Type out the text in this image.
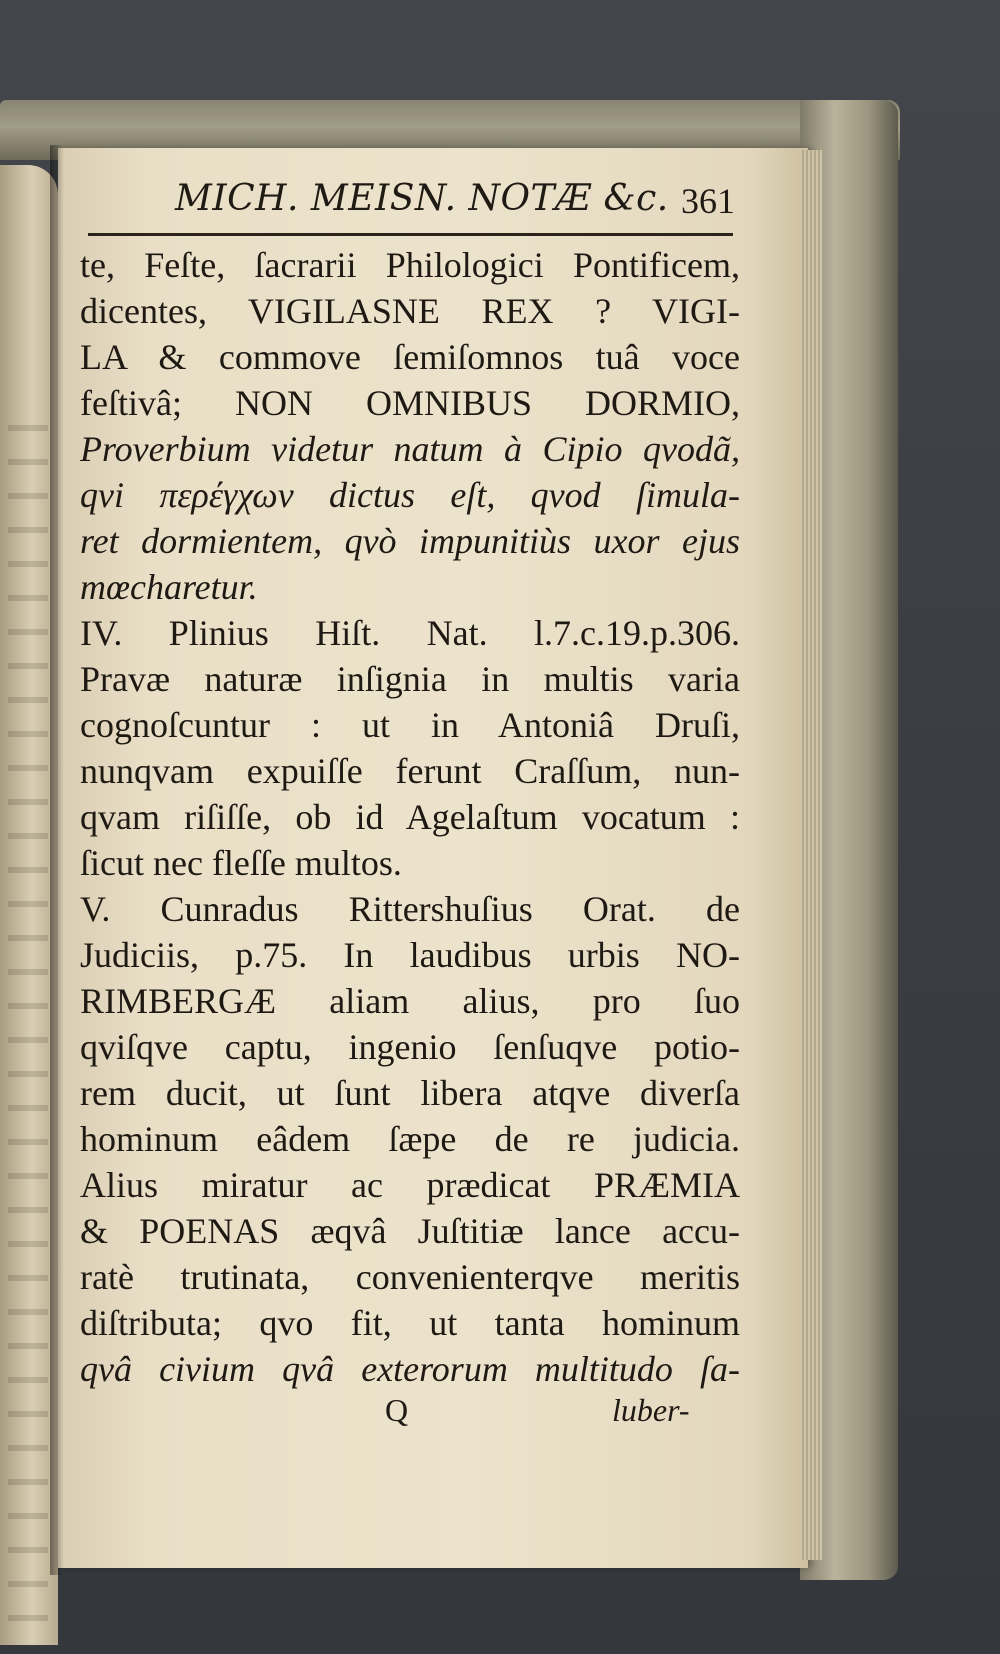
MICH. MEISN. NOTÆ &c. 361
te, Feſte, ſacrarii Philologici Pontificem,
dicentes, VIGILASNE REX ? VIGI-
LA & commove ſemiſomnos tuâ voce
feſtivâ; NON OMNIBUS DORMIO,
Proverbium videtur natum à Cipio qvodã,
qvi περέγχων dictus eſt, qvod ſimula-
ret dormientem, qvò impunitiùs uxor ejus
mœcharetur.
IV. Plinius Hiſt. Nat. l.7.c.19.p.306.
Pravæ naturæ inſignia in multis varia
cognoſcuntur : ut in Antoniâ Druſi,
nunqvam expuiſſe ferunt Craſſum, nun-
qvam riſiſſe, ob id Agelaſtum vocatum :
ſicut nec fleſſe multos.
V. Cunradus Rittershuſius Orat. de
Judiciis, p.75. In laudibus urbis NO-
RIMBERGÆ aliam alius, pro ſuo
qviſqve captu, ingenio ſenſuqve potio-
rem ducit, ut ſunt libera atqve diverſa
hominum eâdem ſæpe de re judicia.
Alius miratur ac prædicat PRÆMIA
& POENAS æqvâ Juſtitiæ lance accu-
ratè trutinata, convenienterqve meritis
diſtributa; qvo fit, ut tanta hominum
qvâ civium qvâ exterorum multitudo ſa-
Q	luber-
